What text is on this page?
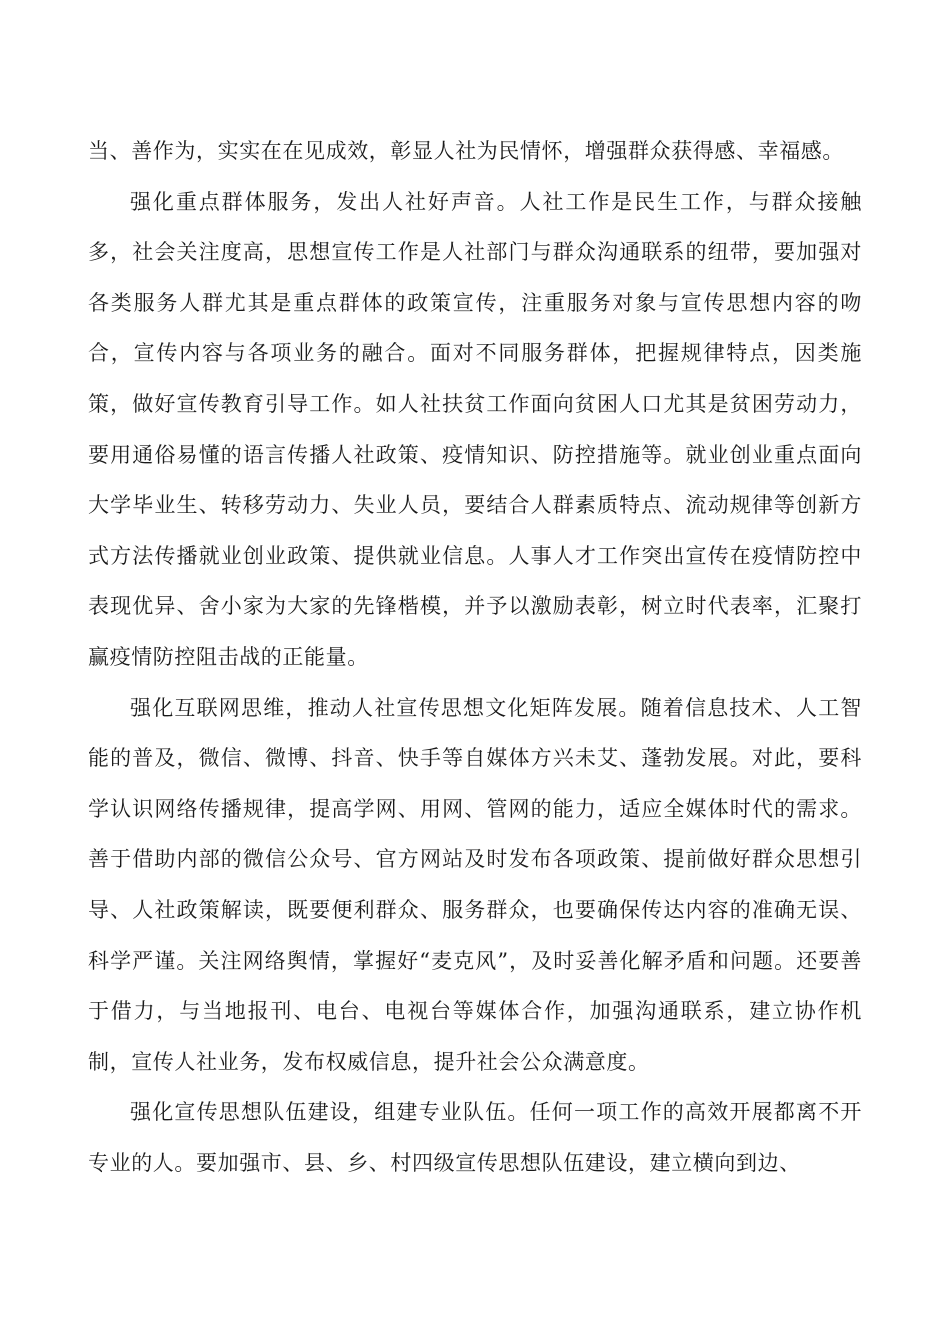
当、善作为，实实在在见成效，彰显人社为民情怀，增强群众获得感、幸福感。

强化重点群体服务，发出人社好声音。人社工作是民生工作，与群众接触多，社会关注度高，思想宣传工作是人社部门与群众沟通联系的纽带，要加强对各类服务人群尤其是重点群体的政策宣传，注重服务对象与宣传思想内容的吻合，宣传内容与各项业务的融合。面对不同服务群体，把握规律特点，因类施策，做好宣传教育引导工作。如人社扶贫工作面向贫困人口尤其是贫困劳动力，要用通俗易懂的语言传播人社政策、疫情知识、防控措施等。就业创业重点面向大学毕业生、转移劳动力、失业人员，要结合人群素质特点、流动规律等创新方式方法传播就业创业政策、提供就业信息。人事人才工作突出宣传在疫情防控中表现优异、舍小家为大家的先锋楷模，并予以激励表彰，树立时代表率，汇聚打赢疫情防控阻击战的正能量。

强化互联网思维，推动人社宣传思想文化矩阵发展。随着信息技术、人工智能的普及，微信、微博、抖音、快手等自媒体方兴未艾、蓬勃发展。对此，要科学认识网络传播规律，提高学网、用网、管网的能力，适应全媒体时代的需求。善于借助内部的微信公众号、官方网站及时发布各项政策、提前做好群众思想引导、人社政策解读，既要便利群众、服务群众，也要确保传达内容的准确无误、科学严谨。关注网络舆情，掌握好“麦克风”，及时妥善化解矛盾和问题。还要善于借力，与当地报刊、电台、电视台等媒体合作，加强沟通联系，建立协作机制，宣传人社业务，发布权威信息，提升社会公众满意度。

强化宣传思想队伍建设，组建专业队伍。任何一项工作的高效开展都离不开专业的人。要加强市、县、乡、村四级宣传思想队伍建设，建立横向到边、
